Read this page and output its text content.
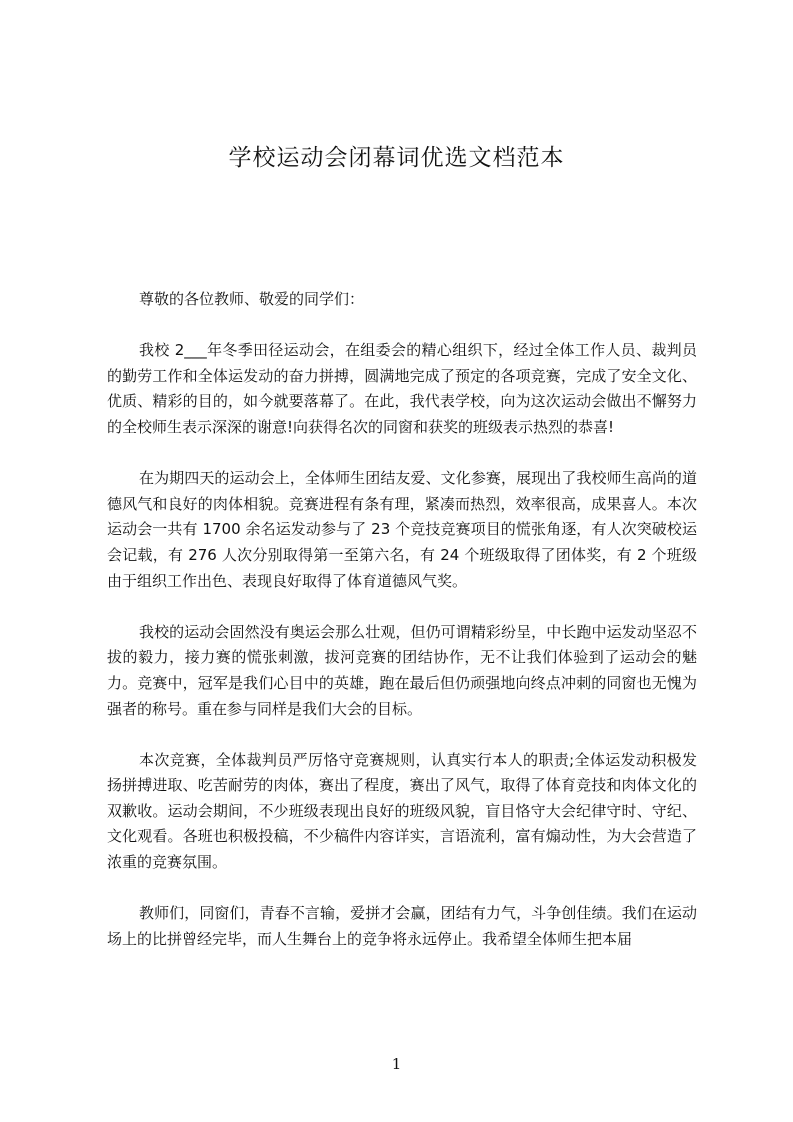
学校运动会闭幕词优选文档范本

尊敬的各位教师、敬爱的同学们：

我校 2___年冬季田径运动会，在组委会的精心组织下，经过全体工作人员、裁判员的勤劳工作和全体运发动的奋力拼搏，圆满地完成了预定的各项竞赛，完成了安全文化、优质、精彩的目的，如今就要落幕了。在此，我代表学校，向为这次运动会做出不懈努力的全校师生表示深深的谢意!向获得名次的同窗和获奖的班级表示热烈的恭喜!

在为期四天的运动会上，全体师生团结友爱、文化参赛，展现出了我校师生高尚的道德风气和良好的肉体相貌。竞赛进程有条有理，紧凑而热烈，效率很高，成果喜人。本次运动会一共有 1700 余名运发动参与了 23 个竞技竞赛项目的慌张角逐，有人次突破校运会记载，有 276 人次分别取得第一至第六名，有 24 个班级取得了团体奖，有 2 个班级由于组织工作出色、表现良好取得了体育道德风气奖。

我校的运动会固然没有奥运会那么壮观，但仍可谓精彩纷呈，中长跑中运发动坚忍不拔的毅力，接力赛的慌张刺激，拔河竞赛的团结协作，无不让我们体验到了运动会的魅力。竞赛中，冠军是我们心目中的英雄，跑在最后但仍顽强地向终点冲刺的同窗也无愧为强者的称号。重在参与同样是我们大会的目标。

本次竞赛，全体裁判员严厉恪守竞赛规则，认真实行本人的职责;全体运发动积极发扬拼搏进取、吃苦耐劳的肉体，赛出了程度，赛出了风气，取得了体育竞技和肉体文化的双歉收。运动会期间，不少班级表现出良好的班级风貌，盲目恪守大会纪律守时、守纪、文化观看。各班也积极投稿，不少稿件内容详实，言语流利，富有煽动性，为大会营造了浓重的竞赛氛围。

教师们，同窗们，青春不言输，爱拼才会赢，团结有力气，斗争创佳绩。我们在运动场上的比拼曾经完毕，而人生舞台上的竞争将永远停止。我希望全体师生把本届

1
